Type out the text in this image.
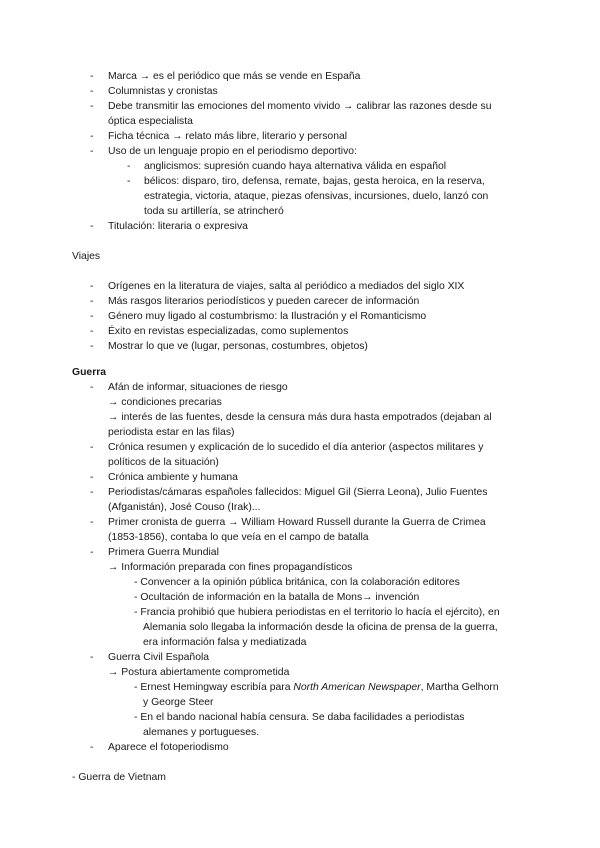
- Marca → es el periódico que más se vende en España
- Columnistas y cronistas
- Debe transmitir las emociones del momento vivido → calibrar las razones desde su
óptica especialista
- Ficha técnica → relato más libre, literario y personal
- Uso de un lenguaje propio en el periodismo deportivo:
- anglicismos: supresión cuando haya alternativa válida en español
- bélicos: disparo, tiro, defensa, remate, bajas, gesta heroica, en la reserva,
estrategia, victoria, ataque, piezas ofensivas, incursiones, duelo, lanzó con
toda su artillería, se atrincheró
- Titulación: literaria o expresiva
Viajes
- Orígenes en la literatura de viajes, salta al periódico a mediados del siglo XIX
- Más rasgos literarios periodísticos y pueden carecer de información
- Género muy ligado al costumbrismo: la Ilustración y el Romanticismo
- Éxito en revistas especializadas, como suplementos
- Mostrar lo que ve (lugar, personas, costumbres, objetos)
Guerra
- Afán de informar, situaciones de riesgo
→ condiciones precarias
→ interés de las fuentes, desde la censura más dura hasta empotrados (dejaban al
periodista estar en las filas)
- Crónica resumen y explicación de lo sucedido el día anterior (aspectos militares y
políticos de la situación)
- Crónica ambiente y humana
- Periodistas/cámaras españoles fallecidos: Miguel Gil (Sierra Leona), Julio Fuentes
(Afganistán), José Couso (Irak)...
- Primer cronista de guerra → William Howard Russell durante la Guerra de Crimea
(1853-1856), contaba lo que veía en el campo de batalla
- Primera Guerra Mundial
→ Información preparada con fines propagandísticos
- Convencer a la opinión pública británica, con la colaboración editores
- Ocultación de información en la batalla de Mons→ invención
- Francia prohibió que hubiera periodistas en el territorio lo hacía el ejército), en
Alemania solo llegaba la información desde la oficina de prensa de la guerra,
era información falsa y mediatizada
- Guerra Civil Española
→ Postura abiertamente comprometida
- Ernest Hemingway escribía para North American Newspaper, Martha Gelhorn
y George Steer
- En el bando nacional había censura. Se daba facilidades a periodistas
alemanes y portugueses.
- Aparece el fotoperiodismo
- Guerra de Vietnam
